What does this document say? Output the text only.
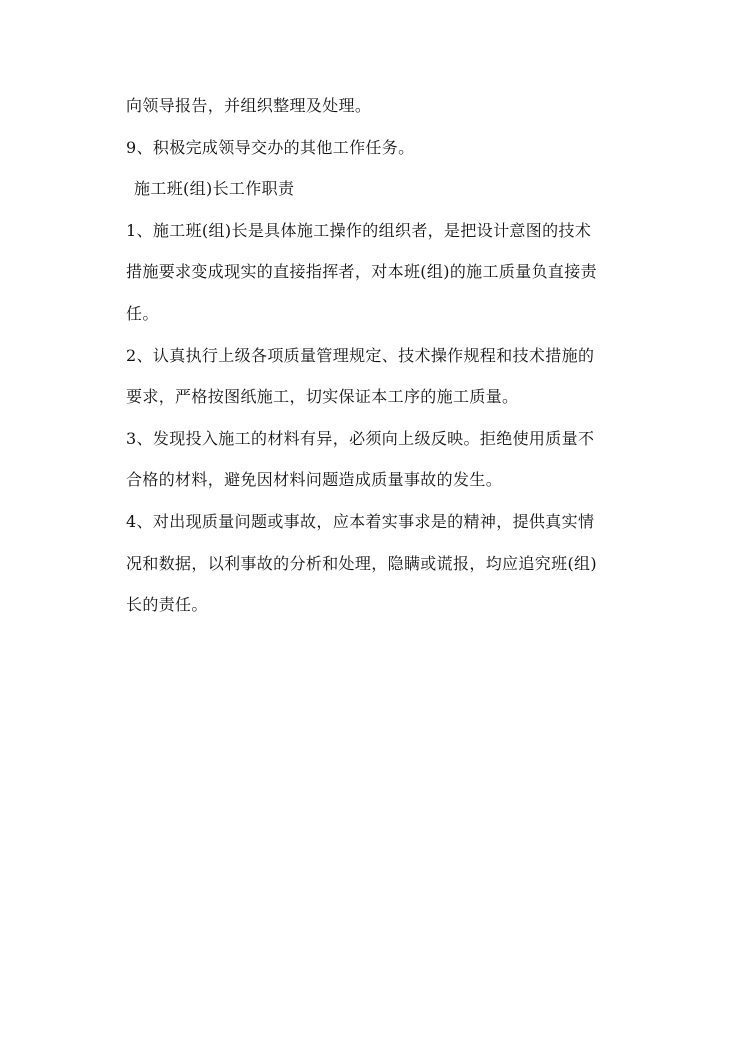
向领导报告，并组织整理及处理。
9、积极完成领导交办的其他工作任务。
施工班(组)长工作职责
1、施工班(组)长是具体施工操作的组织者，是把设计意图的技术
措施要求变成现实的直接指挥者，对本班(组)的施工质量负直接责
任。
2、认真执行上级各项质量管理规定、技术操作规程和技术措施的
要求，严格按图纸施工，切实保证本工序的施工质量。
3、发现投入施工的材料有异，必须向上级反映。拒绝使用质量不
合格的材料，避免因材料问题造成质量事故的发生。
4、对出现质量问题或事故，应本着实事求是的精神，提供真实情
况和数据，以利事故的分析和处理，隐瞒或谎报，均应追究班(组)
长的责任。
